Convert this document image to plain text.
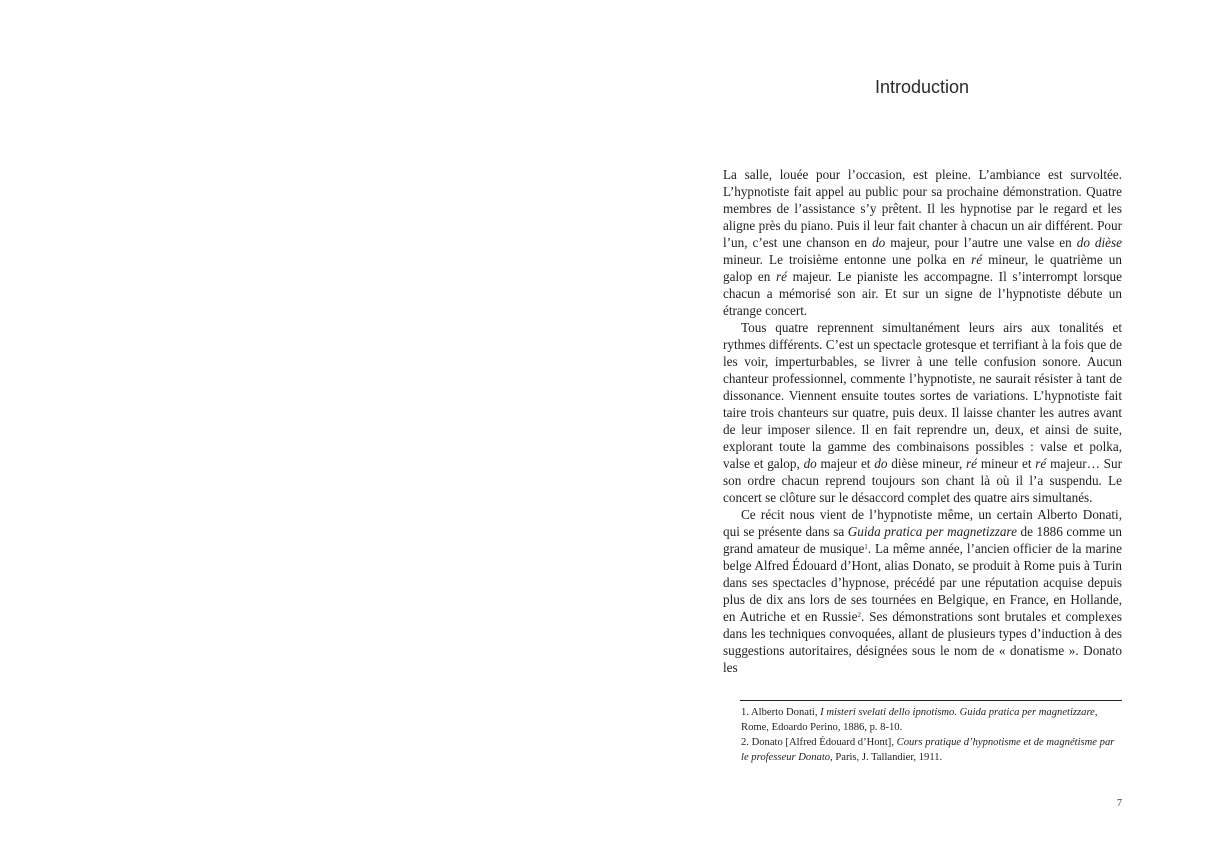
Introduction

La salle, louée pour l’occasion, est pleine. L’ambiance est survoltée. L’hypnotiste fait appel au public pour sa prochaine démonstration. Quatre membres de l’assistance s’y prêtent. Il les hypnotise par le regard et les aligne près du piano. Puis il leur fait chanter à chacun un air différent. Pour l’un, c’est une chanson en do majeur, pour l’autre une valse en do dièse mineur. Le troisième entonne une polka en ré mineur, le quatrième un galop en ré majeur. Le pianiste les accompagne. Il s’interrompt lorsque chacun a mémorisé son air. Et sur un signe de l’hypnotiste débute un étrange concert.

Tous quatre reprennent simultanément leurs airs aux tonalités et rythmes différents. C’est un spectacle grotesque et terrifiant à la fois que de les voir, imperturbables, se livrer à une telle confusion sonore. Aucun chanteur professionnel, commente l’hypnotiste, ne saurait résister à tant de dissonance. Viennent ensuite toutes sortes de variations. L’hypnotiste fait taire trois chanteurs sur quatre, puis deux. Il laisse chanter les autres avant de leur imposer silence. Il en fait reprendre un, deux, et ainsi de suite, explorant toute la gamme des combinaisons possibles : valse et polka, valse et galop, do majeur et do dièse mineur, ré mineur et ré majeur… Sur son ordre chacun reprend toujours son chant là où il l’a suspendu. Le concert se clôture sur le désaccord complet des quatre airs simultanés.

Ce récit nous vient de l’hypnotiste même, un certain Alberto Donati, qui se présente dans sa Guida pratica per magnetizzare de 1886 comme un grand amateur de musique$^1$. La même année, l’ancien officier de la marine belge Alfred Édouard d’Hont, alias Donato, se produit à Rome puis à Turin dans ses spectacles d’hypnose, précédé par une réputation acquise depuis plus de dix ans lors de ses tournées en Belgique, en France, en Hollande, en Autriche et en Russie$^2$. Ses démonstrations sont brutales et complexes dans les techniques convoquées, allant de plusieurs types d’induction à des suggestions autoritaires, désignées sous le nom de « donatisme ». Donato les

1. Alberto Donati, I misteri svelati dello ipnotismo. Guida pratica per magnetizzare, Rome, Edoardo Perino, 1886, p. 8-10.

2. Donato [Alfred Édouard d’Hont], Cours pratique d’hypnotisme et de magnétisme par le professeur Donato, Paris, J. Tallandier, 1911.

7
